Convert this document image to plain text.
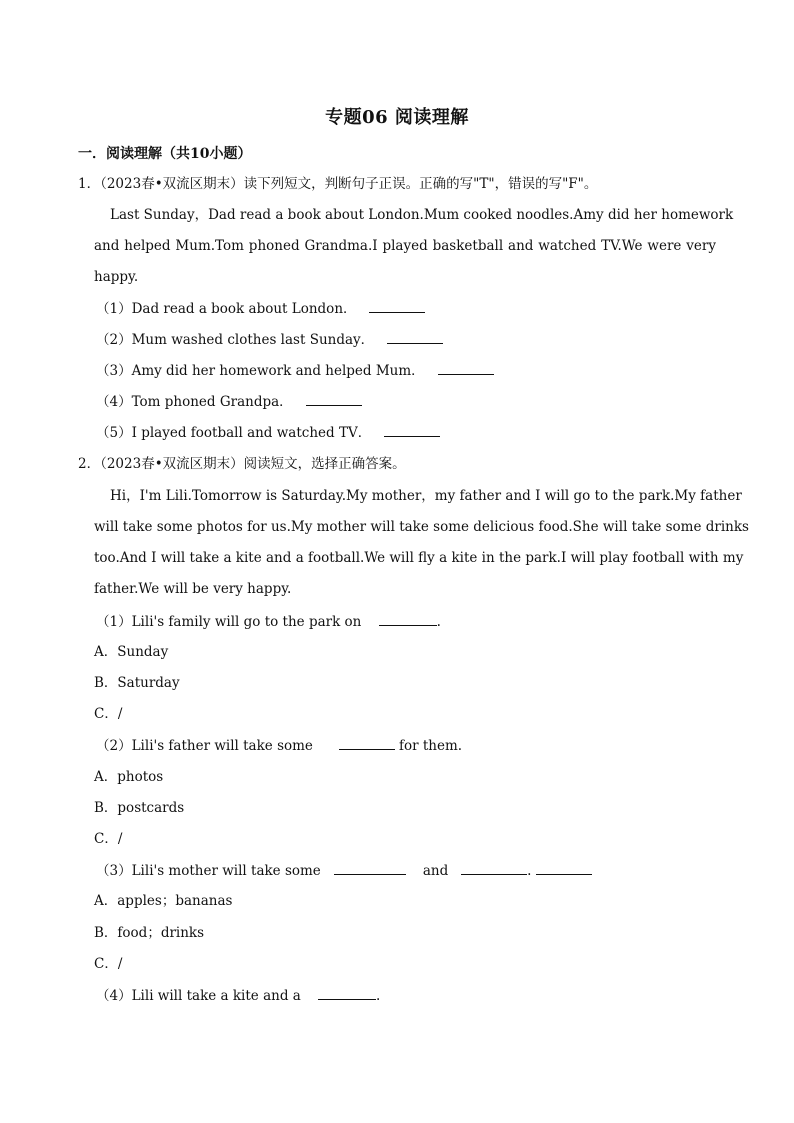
专题06 阅读理解
一．阅读理解（共10小题）
1．（2023春•双流区期末）读下列短文，判断句子正误。正确的写"T"，错误的写"F"。
Last Sunday，Dad read a book about London.Mum cooked noodles.Amy did her homework
and helped Mum.Tom phoned Grandma.I played basketball and watched TV.We were very
happy.
（1）Dad read a book about London．
（2）Mum washed clothes last Sunday．
（3）Amy did her homework and helped Mum．
（4）Tom phoned Grandpa．
（5）I played football and watched TV．
2．（2023春•双流区期末）阅读短文，选择正确答案。
Hi，I'm Lili.Tomorrow is Saturday.My mother，my father and I will go to the park.My father
will take some photos for us.My mother will take some delicious food.She will take some drinks
too.And I will take a kite and a football.We will fly a kite in the park.I will play football with my
father.We will be very happy.
（1）Lili's family will go to the park on	.
A．Sunday
B．Saturday
C．/
（2）Lili's father will take some	for them.
A．photos
B．postcards
C．/
（3）Lili's mother will take some	and	.
A．apples；bananas
B．food；drinks
C．/
（4）Lili will take a kite and a	.
